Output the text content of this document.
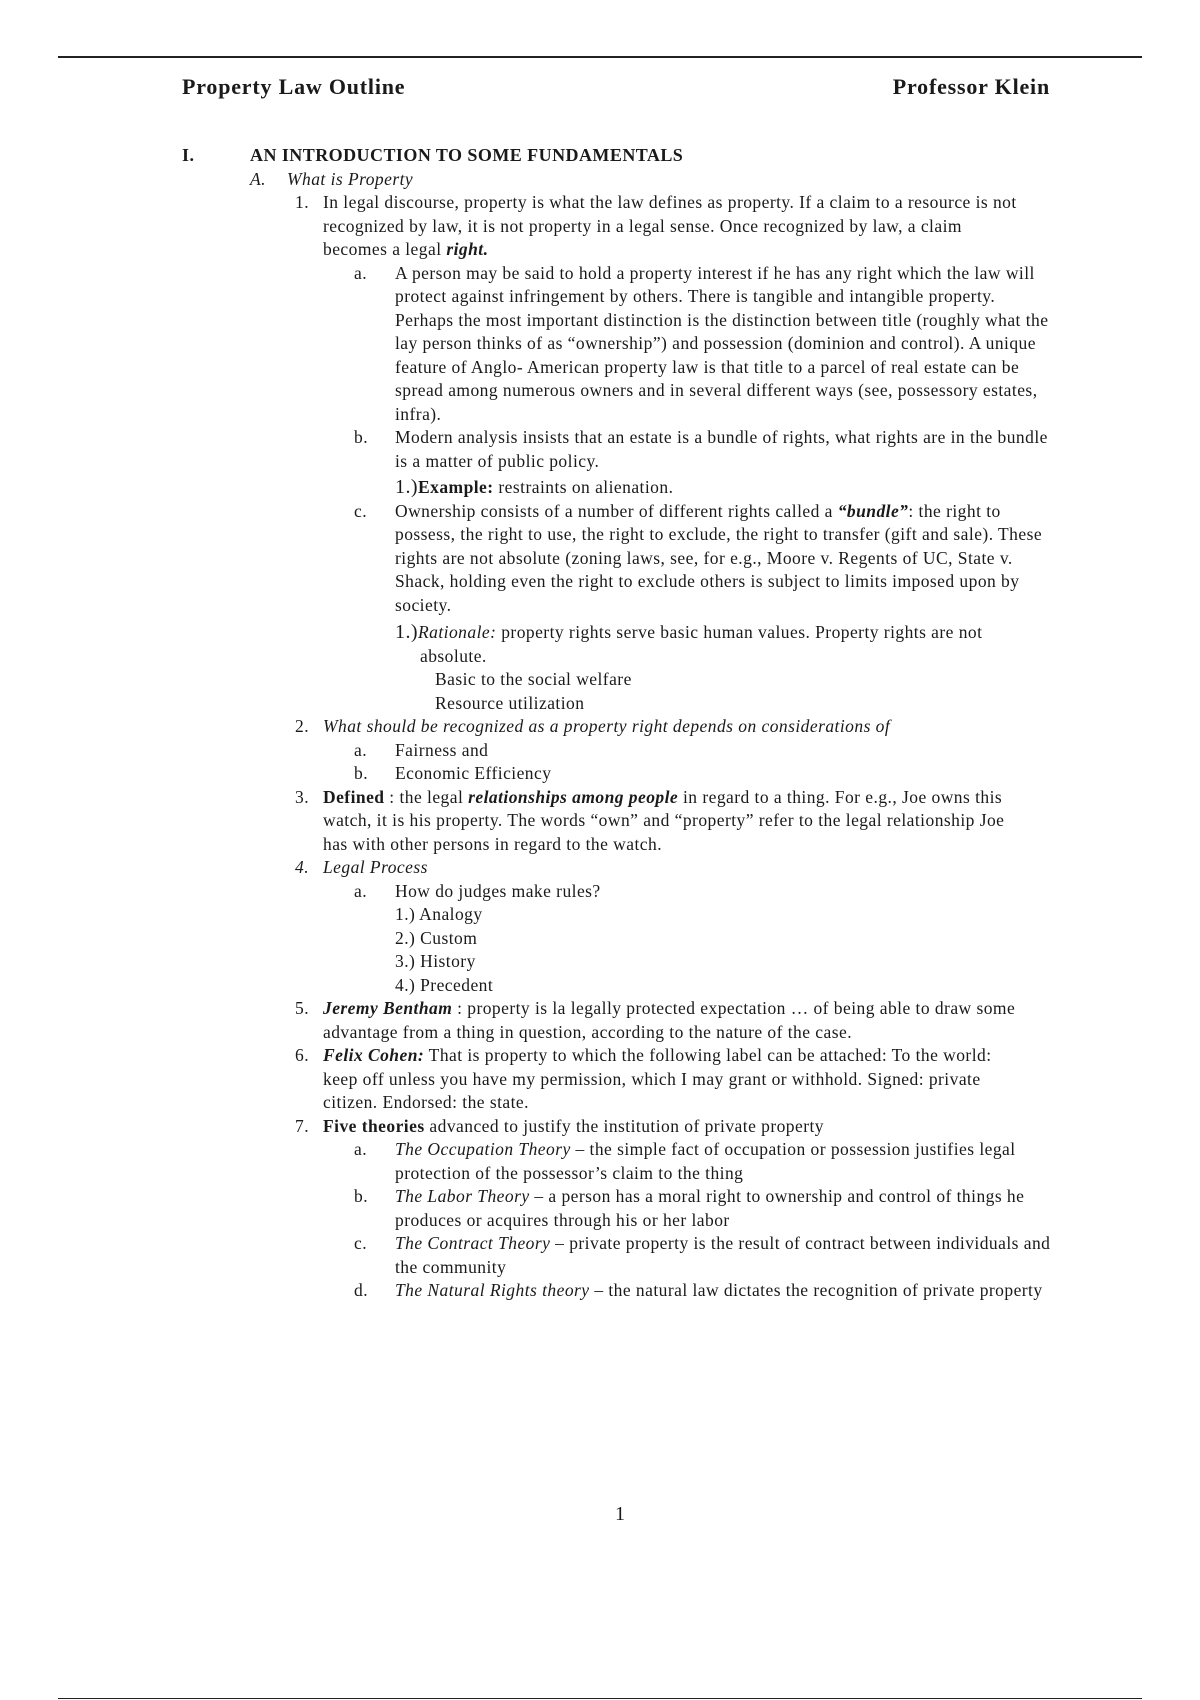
Property Law Outline	Professor Klein
I.	AN INTRODUCTION TO SOME FUNDAMENTALS
A. What is Property
1. In legal discourse, property is what the law defines as property. If a claim to a resource is not recognized by law, it is not property in a legal sense. Once recognized by law, a claim becomes a legal right.
a. A person may be said to hold a property interest if he has any right which the law will protect against infringement by others. There is tangible and intangible property. Perhaps the most important distinction is the distinction between title (roughly what the lay person thinks of as “ownership”) and possession (dominion and control). A unique feature of Anglo- American property law is that title to a parcel of real estate can be spread among numerous owners and in several different ways (see, possessory estates, infra).
b. Modern analysis insists that an estate is a bundle of rights, what rights are in the bundle is a matter of public policy.
1.)Example: restraints on alienation.
c. Ownership consists of a number of different rights called a “bundle”: the right to possess, the right to use, the right to exclude, the right to transfer (gift and sale). These rights are not absolute (zoning laws, see, for e.g., Moore v. Regents of UC, State v. Shack, holding even the right to exclude others is subject to limits imposed upon by society.
1.)Rationale: property rights serve basic human values. Property rights are not absolute.
Basic to the social welfare
Resource utilization
2. What should be recognized as a property right depends on considerations of
a. Fairness and
b. Economic Efficiency
3. Defined : the legal relationships among people in regard to a thing. For e.g., Joe owns this watch, it is his property. The words “own” and “property” refer to the legal relationship Joe has with other persons in regard to the watch.
4. Legal Process
a. How do judges make rules?
1.) Analogy
2.) Custom
3.) History
4.) Precedent
5. Jeremy Bentham : property is la legally protected expectation … of being able to draw some advantage from a thing in question, according to the nature of the case.
6. Felix Cohen: That is property to which the following label can be attached: To the world: keep off unless you have my permission, which I may grant or withhold. Signed: private citizen. Endorsed: the state.
7. Five theories advanced to justify the institution of private property
a. The Occupation Theory – the simple fact of occupation or possession justifies legal protection of the possessor’s claim to the thing
b. The Labor Theory – a person has a moral right to ownership and control of things he produces or acquires through his or her labor
c. The Contract Theory – private property is the result of contract between individuals and the community
d. The Natural Rights theory – the natural law dictates the recognition of private property
1
